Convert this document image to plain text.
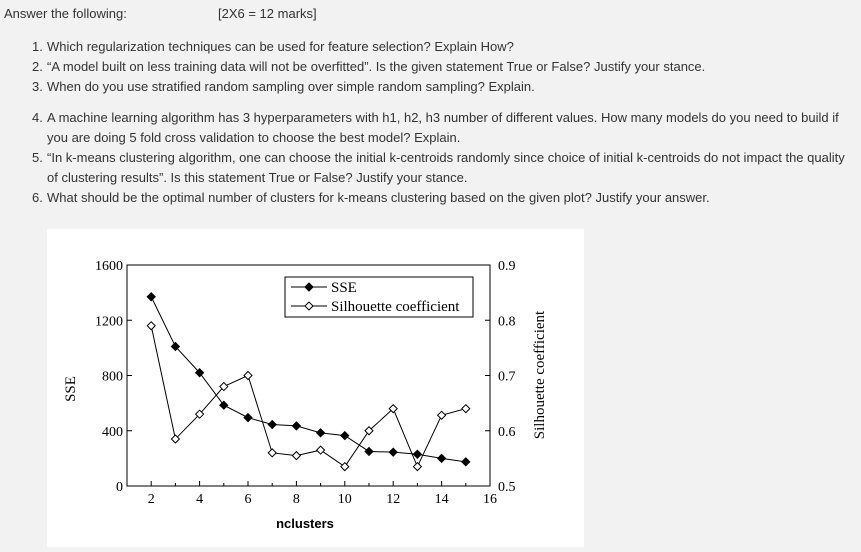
Answer the following:	[2X6 = 12 marks]
1. Which regularization techniques can be used for feature selection? Explain How?
2. “A model built on less training data will not be overfitted”. Is the given statement True or False? Justify your stance.
3. When do you use stratified random sampling over simple random sampling? Explain.
4. A machine learning algorithm has 3 hyperparameters with h1, h2, h3 number of different values. How many models do you need to build if you are doing 5 fold cross validation to choose the best model? Explain.
5. “In k-means clustering algorithm, one can choose the initial k-centroids randomly since choice of initial k-centroids do not impact the quality of clustering results”. Is this statement True or False? Justify your stance.
6. What should be the optimal number of clusters for k-means clustering based on the given plot? Justify your answer.
2	4	6	8	10 12 14 16
0
400
800
1200
1600
0.5
0.6
0.7
0.8
0.9
SSE
Silhouette coefficient
SSE	Silhouette coefficient
nclusters
